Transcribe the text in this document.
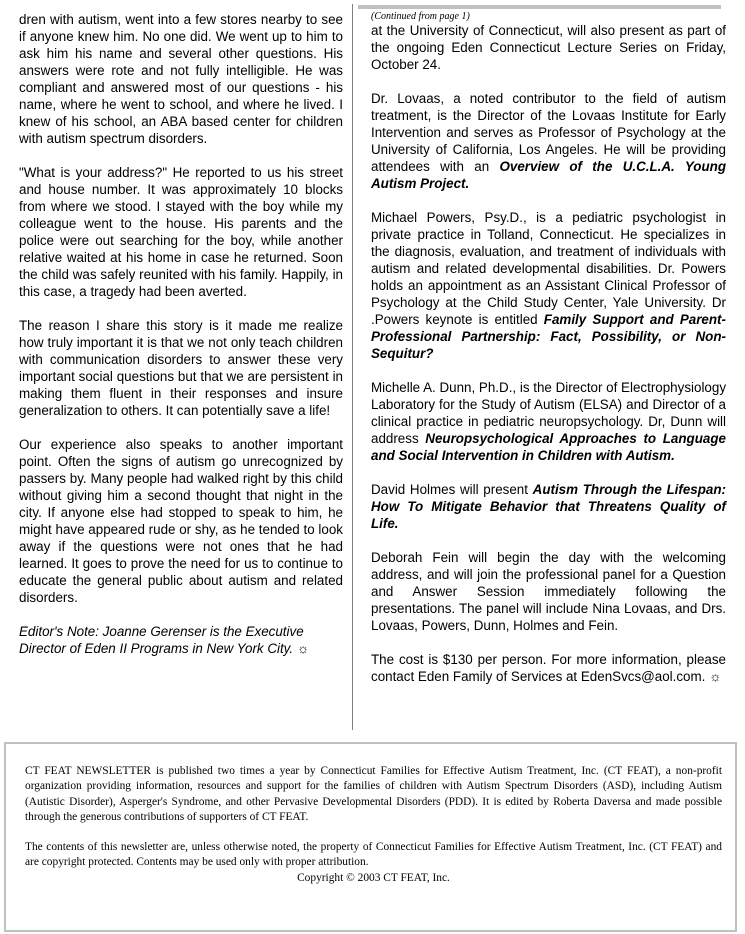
dren with autism, went into a few stores nearby to see if anyone knew him. No one did. We went up to him to ask him his name and several other questions. His answers were rote and not fully intelligible. He was compliant and answered most of our questions - his name, where he went to school, and where he lived. I knew of his school, an ABA based center for children with autism spectrum disorders.

"What is your address?" He reported to us his street and house number. It was approximately 10 blocks from where we stood. I stayed with the boy while my colleague went to the house. His parents and the police were out searching for the boy, while another relative waited at his home in case he returned. Soon the child was safely reunited with his family. Happily, in this case, a tragedy had been averted.

The reason I share this story is it made me realize how truly important it is that we not only teach children with communication disorders to answer these very important social questions but that we are persistent in making them fluent in their responses and insure generalization to others. It can potentially save a life!

Our experience also speaks to another important point. Often the signs of autism go unrecognized by passers by. Many people had walked right by this child without giving him a second thought that night in the city. If anyone else had stopped to speak to him, he might have appeared rude or shy, as he tended to look away if the questions were not ones that he had learned. It goes to prove the need for us to continue to educate the general public about autism and related disorders.

Editor's Note: Joanne Gerenser is the Executive Director of Eden II Programs in New York City. ☼

(Continued from page 1)

at the University of Connecticut, will also present as part of the ongoing Eden Connecticut Lecture Series on Friday, October 24.

Dr. Lovaas, a noted contributor to the field of autism treatment, is the Director of the Lovaas Institute for Early Intervention and serves as Professor of Psychology at the University of California, Los Angeles. He will be providing attendees with an Overview of the U.C.L.A. Young Autism Project.

Michael Powers, Psy.D., is a pediatric psychologist in private practice in Tolland, Connecticut. He specializes in the diagnosis, evaluation, and treatment of individuals with autism and related developmental disabilities. Dr. Powers holds an appointment as an Assistant Clinical Professor of Psychology at the Child Study Center, Yale University. Dr .Powers keynote is entitled Family Support and Parent-Professional Partnership: Fact, Possibility, or Non-Sequitur?

Michelle A. Dunn, Ph.D., is the Director of Electrophysiology Laboratory for the Study of Autism (ELSA) and Director of a clinical practice in pediatric neuropsychology. Dr, Dunn will address Neuropsychological Approaches to Language and Social Intervention in Children with Autism.

David Holmes will present Autism Through the Lifespan: How To Mitigate Behavior that Threatens Quality of Life.

Deborah Fein will begin the day with the welcoming address, and will join the professional panel for a Question and Answer Session immediately following the presentations. The panel will include Nina Lovaas, and Drs. Lovaas, Powers, Dunn, Holmes and Fein.

The cost is $130 per person. For more information, please contact Eden Family of Services at EdenSvcs@aol.com. ☼

CT FEAT NEWSLETTER is published two times a year by Connecticut Families for Effective Autism Treatment, Inc. (CT FEAT), a non-profit organization providing information, resources and support for the families of children with Autism Spectrum Disorders (ASD), including Autism (Autistic Disorder), Asperger's Syndrome, and other Pervasive Developmental Disorders (PDD). It is edited by Roberta Daversa and made possible through the generous contributions of supporters of CT FEAT.

The contents of this newsletter are, unless otherwise noted, the property of Connecticut Families for Effective Autism Treatment, Inc. (CT FEAT) and are copyright protected. Contents may be used only with proper attribution.

Copyright © 2003 CT FEAT, Inc.
